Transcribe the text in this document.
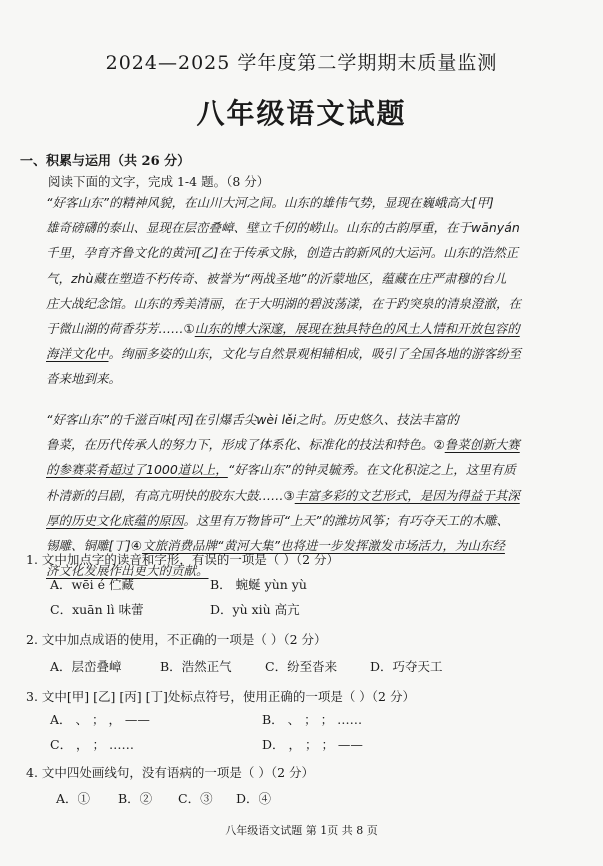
2024—2025 学年度第二学期期末质量监测
八年级语文试题
一、积累与运用（共 26 分）
阅读下面的文字，完成 1-4 题。（8 分）
“好客山东”的精神风貌，在山川大河之间。山东的雄伟气势，显现在巍峨高大[甲]
雄奇磅礴的泰山、显现在层峦叠嶂、壁立千仞的崂山。山东的古韵厚重，在于wānyán
千里，孕育齐鲁文化的黄河[乙]在于传承文脉，创造古韵新风的大运河。山东的浩然正
气，zhù藏在塑造不朽传奇、被誉为“两战圣地”的沂蒙地区，蕴藏在庄严肃穆的台儿
庄大战纪念馆。山东的秀美清丽，在于大明湖的碧波荡漾，在于趵突泉的清泉澄澈，在
于微山湖的荷香芬芳……①山东的博大深邃，展现在独具特色的风土人情和开放包容的
海洋文化中。绚丽多姿的山东，文化与自然景观相辅相成，吸引了全国各地的游客纷至
沓来地到来。
“好客山东”的千滋百味[丙]在引爆舌尖wèi lěi之时。历史悠久、技法丰富的
鲁菜，在历代传承人的努力下，形成了体系化、标准化的技法和特色。②鲁菜创新大赛
的参赛菜肴超过了1000道以上，“好客山东”的钟灵毓秀。在文化积淀之上，这里有质
朴清新的吕剧，有高亢明快的胶东大鼓……③丰富多彩的文艺形式，是因为得益于其深
厚的历史文化底蕴的原因。这里有万物皆可“上天”的潍坊风筝；有巧夺天工的木雕、
锡雕、铜雕[丁]④文旅消费品牌“黄河大集”也将进一步发挥激发市场活力，为山东经
济文化发展作出更大的贡献。
1. 文中加点字的读音和字形，有误的一项是（ ）（2 分）
A．wēi é 伫藏	B． 蜿蜒 yùn yù
C．xuān lì 味蕾	D．yù xiù 高亢
2. 文中加点成语的使用，不正确的一项是（ ）（2 分）
A．层峦叠嶂	B．浩然正气	C．纷至沓来	D．巧夺天工
3. 文中[甲] [乙] [丙] [丁]处标点符号，使用正确的一项是（ ）（2 分）
A． 、 ； ， ——	B． 、 ； ； ……
C． ， ； ……	D． ， ； ； ——
4. 文中四处画线句，没有语病的一项是（ ）（2 分）
A．① B．② C．③ D．④
八年级语文试题 第 1页 共 8 页
